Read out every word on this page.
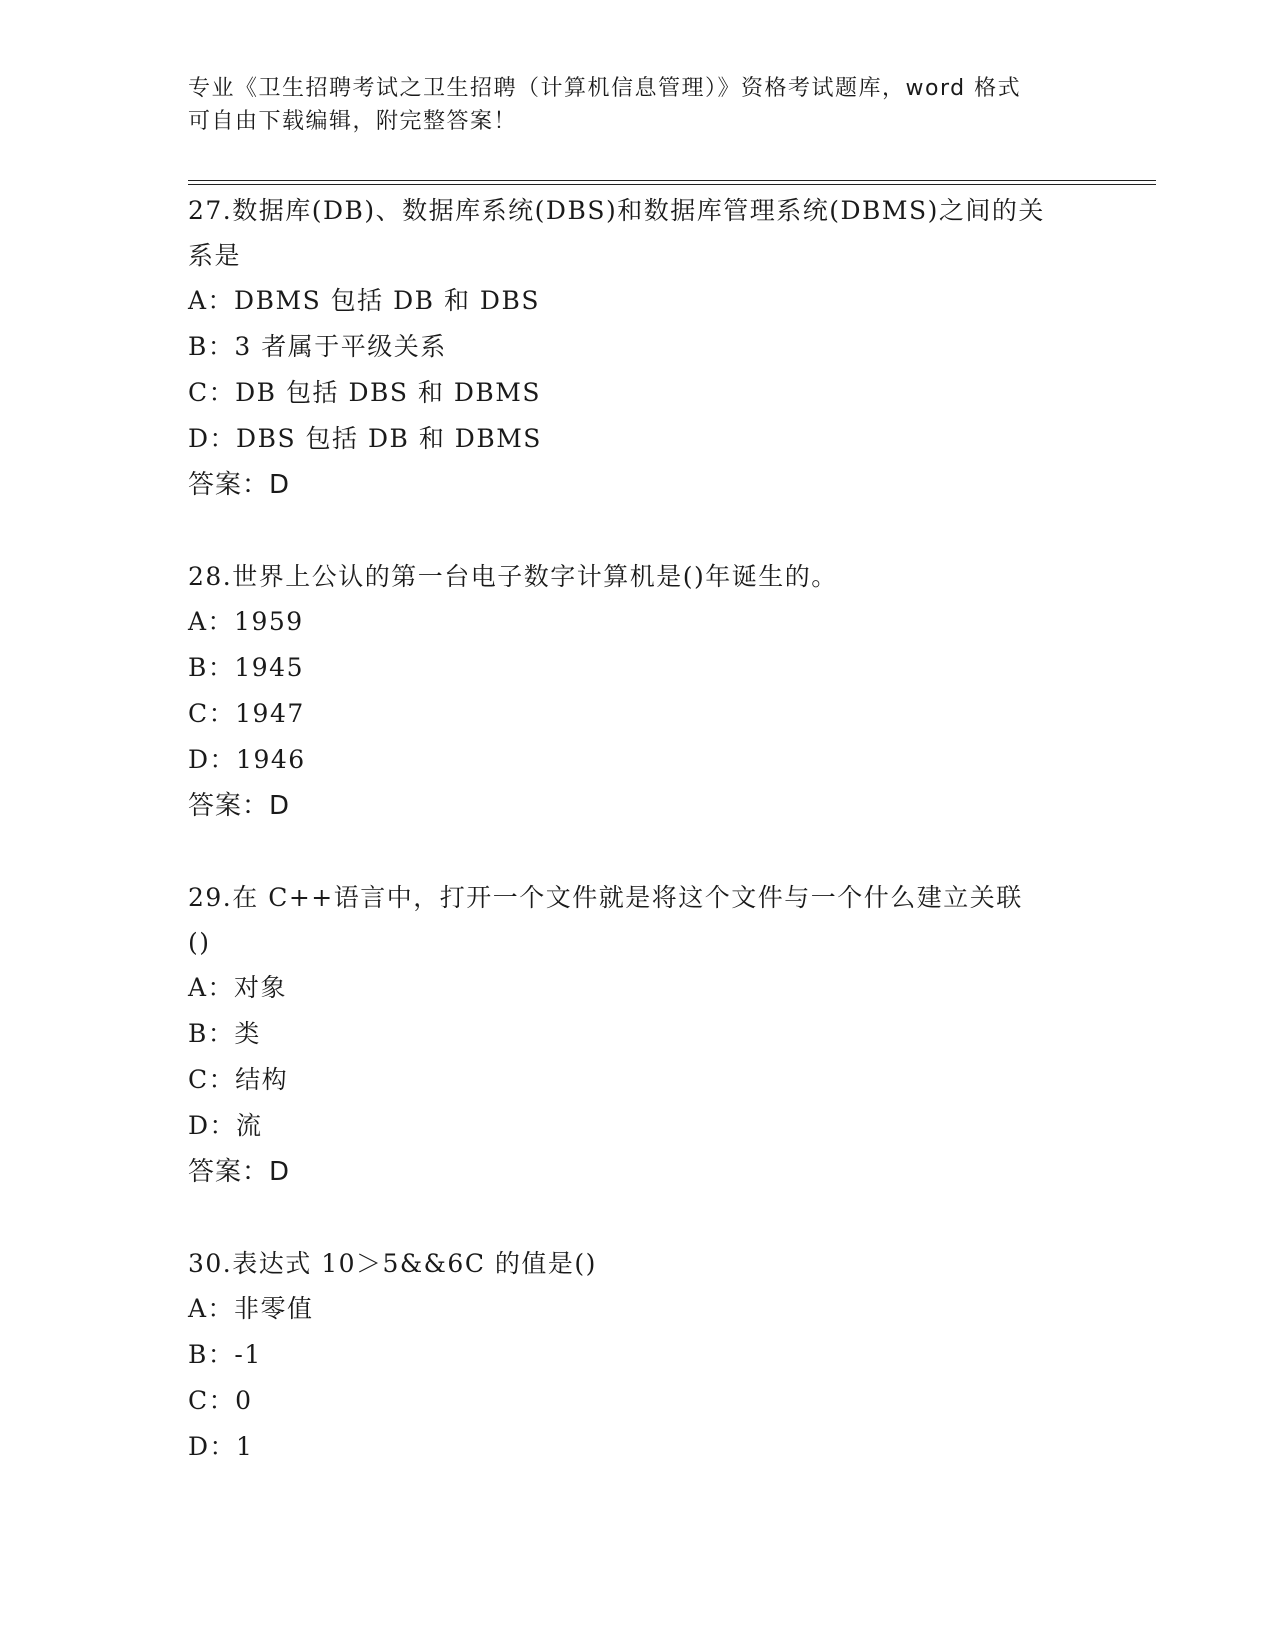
专业《卫生招聘考试之卫生招聘（计算机信息管理）》资格考试题库，word 格式
可自由下载编辑，附完整答案！
27.数据库(DB)、数据库系统(DBS)和数据库管理系统(DBMS)之间的关
系是
A：DBMS 包括 DB 和 DBS
B：3 者属于平级关系
C：DB 包括 DBS 和 DBMS
D：DBS 包括 DB 和 DBMS
答案：D
28.世界上公认的第一台电子数字计算机是()年诞生的。
A：1959
B：1945
C：1947
D：1946
答案：D
29.在 C++语言中，打开一个文件就是将这个文件与一个什么建立关联
()
A：对象
B：类
C：结构
D：流
答案：D
30.表达式 10＞5&&6C 的值是()
A：非零值
B：-1
C：0
D：1
